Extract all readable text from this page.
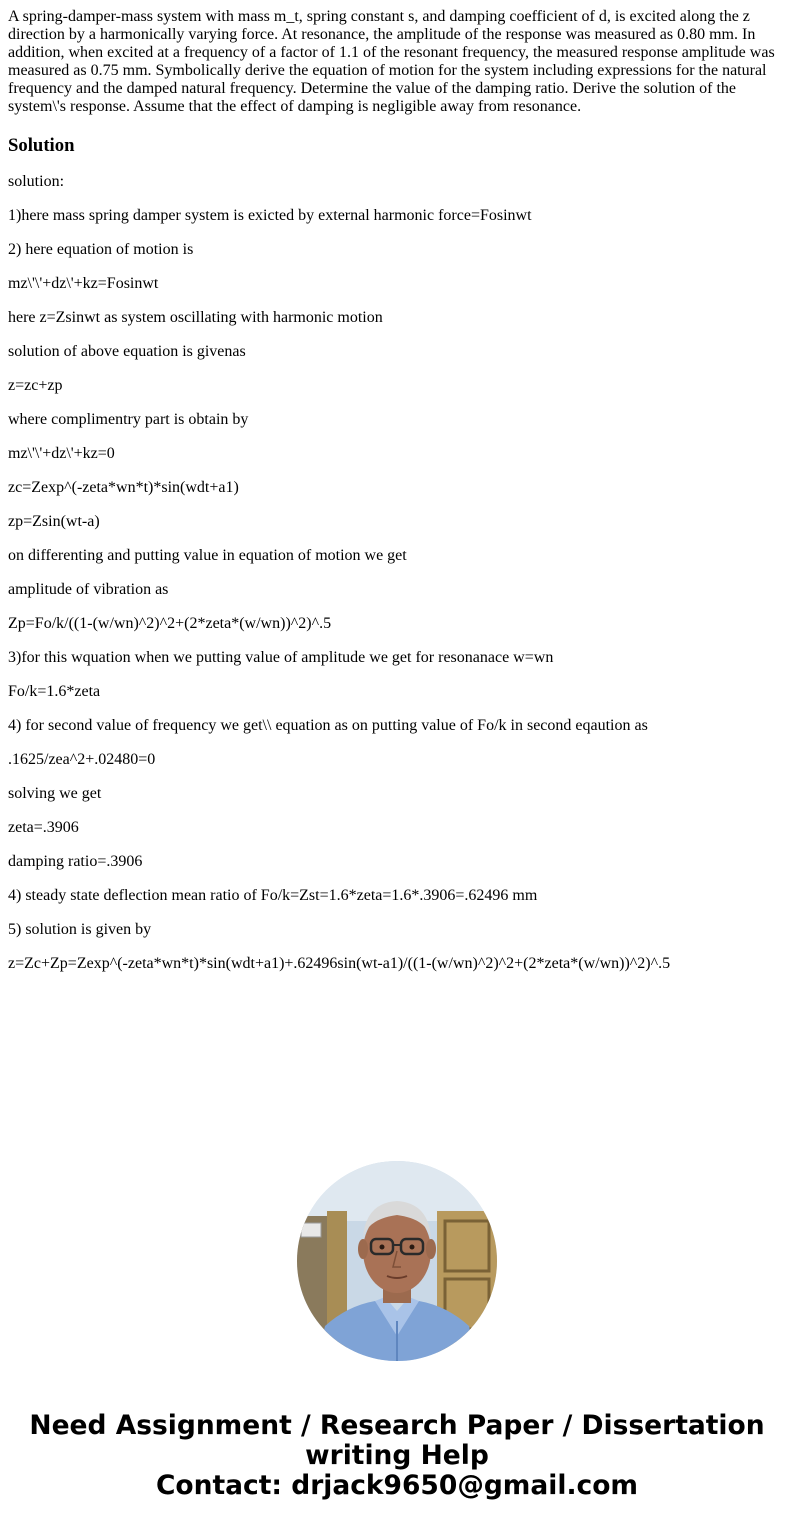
A spring-damper-mass system with mass m_t, spring constant s, and damping coefficient of d, is excited along the z direction by a harmonically varying force. At resonance, the amplitude of the response was measured as 0.80 mm. In addition, when excited at a frequency of a factor of 1.1 of the resonant frequency, the measured response amplitude was measured as 0.75 mm. Symbolically derive the equation of motion for the system including expressions for the natural frequency and the damped natural frequency. Determine the value of the damping ratio. Derive the solution of the system\'s response. Assume that the effect of damping is negligible away from resonance.
Solution

solution:

1)here mass spring damper system is exicted by external harmonic force=Fosinwt

2) here equation of motion is

mz\'\'+dz\'+kz=Fosinwt

here z=Zsinwt as system oscillating with harmonic motion

solution of above equation is givenas

z=zc+zp

where complimentry part is obtain by

mz\'\'+dz\'+kz=0

zc=Zexp^(-zeta*wn*t)*sin(wdt+a1)

zp=Zsin(wt-a)

on differenting and putting value in equation of motion we get

amplitude of vibration as

Zp=Fo/k/((1-(w/wn)^2)^2+(2*zeta*(w/wn))^2)^.5

3)for this wquation when we putting value of amplitude we get for resonanace w=wn

Fo/k=1.6*zeta

4) for second value of frequency we get\\ equation as on putting value of Fo/k in second eqaution as

.1625/zea^2+.02480=0

solving we get

zeta=.3906

damping ratio=.3906

4) steady state deflection mean ratio of Fo/k=Zst=1.6*zeta=1.6*.3906=.62496 mm

5) solution is given by

z=Zc+Zp=Zexp^(-zeta*wn*t)*sin(wdt+a1)+.62496sin(wt-a1)/((1-(w/wn)^2)^2+(2*zeta*(w/wn))^2)^.5

Need Assignment / Research Paper / Dissertation
writing Help
Contact: drjack9650@gmail.com
